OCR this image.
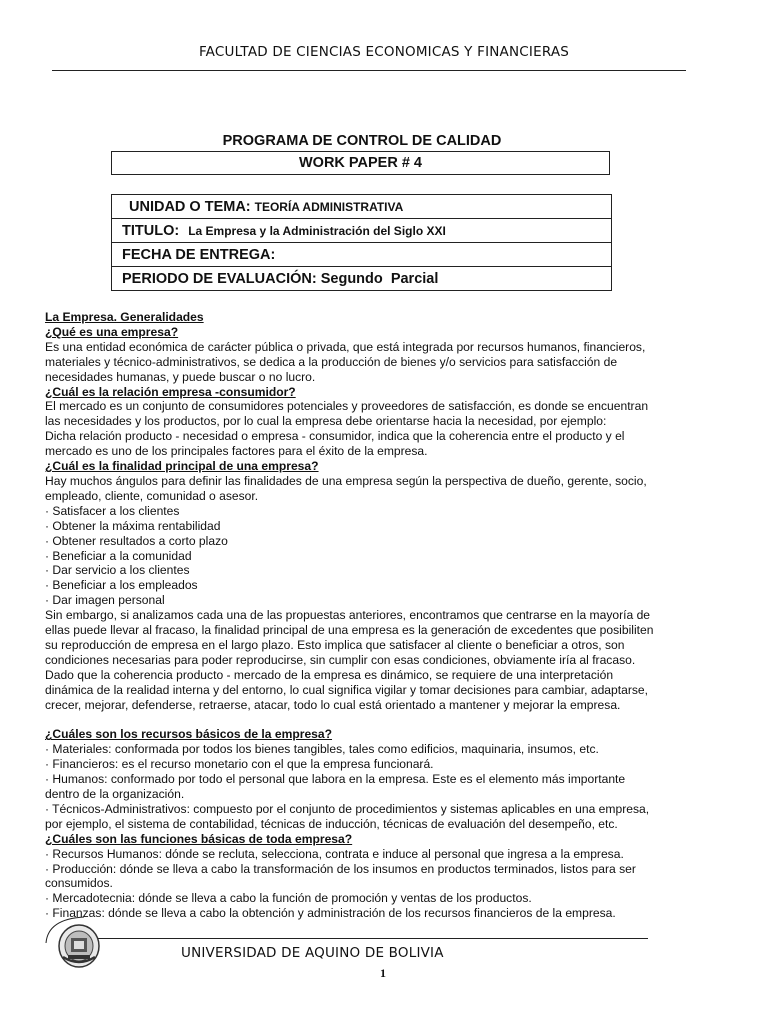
FACULTAD DE CIENCIAS ECONOMICAS Y FINANCIERAS
PROGRAMA DE CONTROL DE CALIDAD
WORK PAPER # 4
UNIDAD O TEMA: TEORÍA ADMINISTRATIVA
TITULO: La Empresa y la Administración del Siglo XXI
FECHA DE ENTREGA:
PERIODO DE EVALUACIÓN: Segundo  Parcial

La Empresa. Generalidades

¿Qué es una empresa?

Es una entidad económica de carácter pública o privada, que está integrada por recursos humanos, financieros,

materiales y técnico-administrativos, se dedica a la producción de bienes y/o servicios para satisfacción de

necesidades humanas, y puede buscar o no lucro.

¿Cuál es la relación empresa -consumidor?

El mercado es un conjunto de consumidores potenciales y proveedores de satisfacción, es donde se encuentran

las necesidades y los productos, por lo cual la empresa debe orientarse hacia la necesidad, por ejemplo:

Dicha relación producto - necesidad o empresa - consumidor, indica que la coherencia entre el producto y el

mercado es uno de los principales factores para el éxito de la empresa.

¿Cuál es la finalidad principal de una empresa?

Hay muchos ángulos para definir las finalidades de una empresa según la perspectiva de dueño, gerente, socio,

empleado, cliente, comunidad o asesor.

· Satisfacer a los clientes

· Obtener la máxima rentabilidad

· Obtener resultados a corto plazo

· Beneficiar a la comunidad

· Dar servicio a los clientes

· Beneficiar a los empleados

· Dar imagen personal

Sin embargo, si analizamos cada una de las propuestas anteriores, encontramos que centrarse en la mayoría de

ellas puede llevar al fracaso, la finalidad principal de una empresa es la generación de excedentes que posibiliten

su reproducción de empresa en el largo plazo. Esto implica que satisfacer al cliente o beneficiar a otros, son

condiciones necesarias para poder reproducirse, sin cumplir con esas condiciones, obviamente iría al fracaso.

Dado que la coherencia producto - mercado de la empresa es dinámico, se requiere de una interpretación

dinámica de la realidad interna y del entorno, lo cual significa vigilar y tomar decisiones para cambiar, adaptarse,

crecer, mejorar, defenderse, retraerse, atacar, todo lo cual está orientado a mantener y mejorar la empresa.

¿Cuáles son los recursos básicos de la empresa?

· Materiales: conformada por todos los bienes tangibles, tales como edificios, maquinaria, insumos, etc.

· Financieros: es el recurso monetario con el que la empresa funcionará.

· Humanos: conformado por todo el personal que labora en la empresa. Este es el elemento más importante

dentro de la organización.

· Técnicos-Administrativos: compuesto por el conjunto de procedimientos y sistemas aplicables en una empresa,

por ejemplo, el sistema de contabilidad, técnicas de inducción, técnicas de evaluación del desempeño, etc.

¿Cuáles son las funciones básicas de toda empresa?

· Recursos Humanos: dónde se recluta, selecciona, contrata e induce al personal que ingresa a la empresa.

· Producción: dónde se lleva a cabo la transformación de los insumos en productos terminados, listos para ser

consumidos.

· Mercadotecnia: dónde se lleva a cabo la función de promoción y ventas de los productos.

· Finanzas: dónde se lleva a cabo la obtención y administración de los recursos financieros de la empresa.

UNIVERSIDAD DE AQUINO DE BOLIVIA
1
